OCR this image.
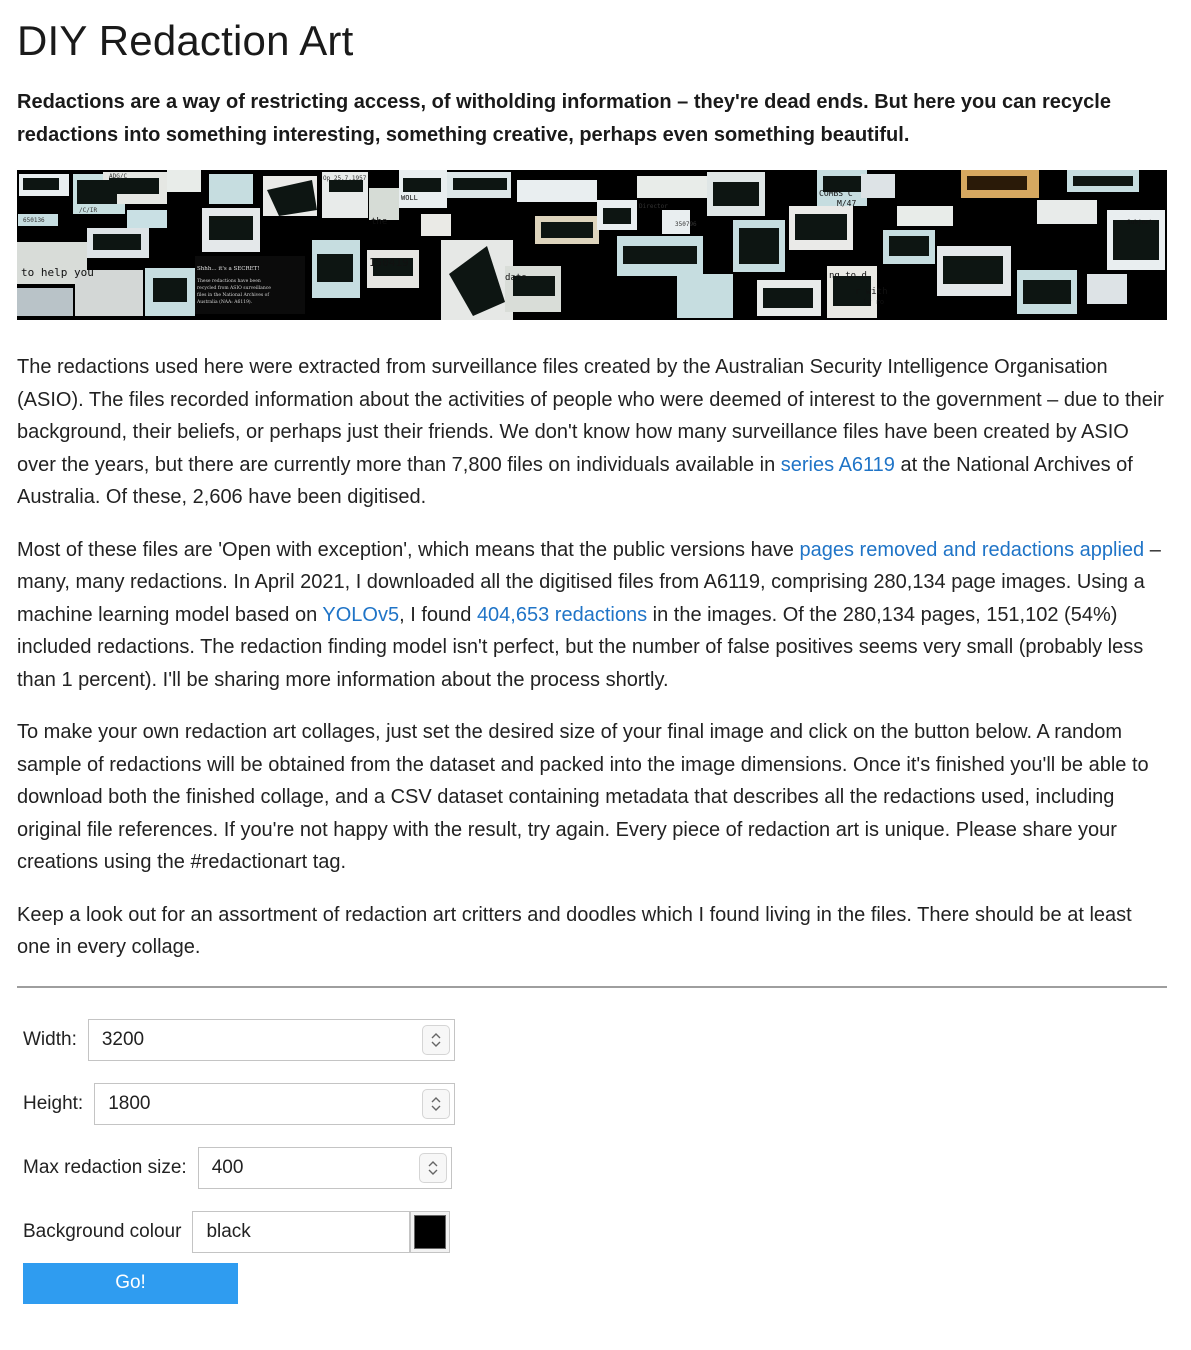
DIY Redaction Art

Redactions are a way of restricting access, of witholding information – they're dead ends. But here you can recycle redactions into something interesting, something creative, perhaps even something beautiful.

ADG/C	Op 25.7.1957
650136
/C/IR
to help you
150419
the
date
350796
WOLL
Director
COMBS C
M/47
Shhh... it's a SECRET!
These redactions have been
recycled from ASIO surveillance
files in the National Archives of
Australia (NAA: A6119).
r with
ng to d
Subject
ly ro

The redactions used here were extracted from surveillance files created by the Australian Security Intelligence Organisation (ASIO). The files recorded information about the activities of people who were deemed of interest to the government – due to their background, their beliefs, or perhaps just their friends. We don't know how many surveillance files have been created by ASIO over the years, but there are currently more than 7,800 files on individuals available in series A6119 at the National Archives of Australia. Of these, 2,606 have been digitised.

Most of these files are 'Open with exception', which means that the public versions have pages removed and redactions applied – many, many redactions. In April 2021, I downloaded all the digitised files from A6119, comprising 280,134 page images. Using a machine learning model based on YOLOv5, I found 404,653 redactions in the images. Of the 280,134 pages, 151,102 (54%) included redactions. The redaction finding model isn't perfect, but the number of false positives seems very small (probably less than 1 percent). I'll be sharing more information about the process shortly.

To make your own redaction art collages, just set the desired size of your final image and click on the button below. A random sample of redactions will be obtained from the dataset and packed into the image dimensions. Once it's finished you'll be able to download both the finished collage, and a CSV dataset containing metadata that describes all the redactions used, including original file references. If you're not happy with the result, try again. Every piece of redaction art is unique. Please share your creations using the #redactionart tag.

Keep a look out for an assortment of redaction art critters and doodles which I found living in the files. There should be at least one in every collage.

Width:	3200
Height:	1800
Max redaction size:	400
Background colour	black
Go!
